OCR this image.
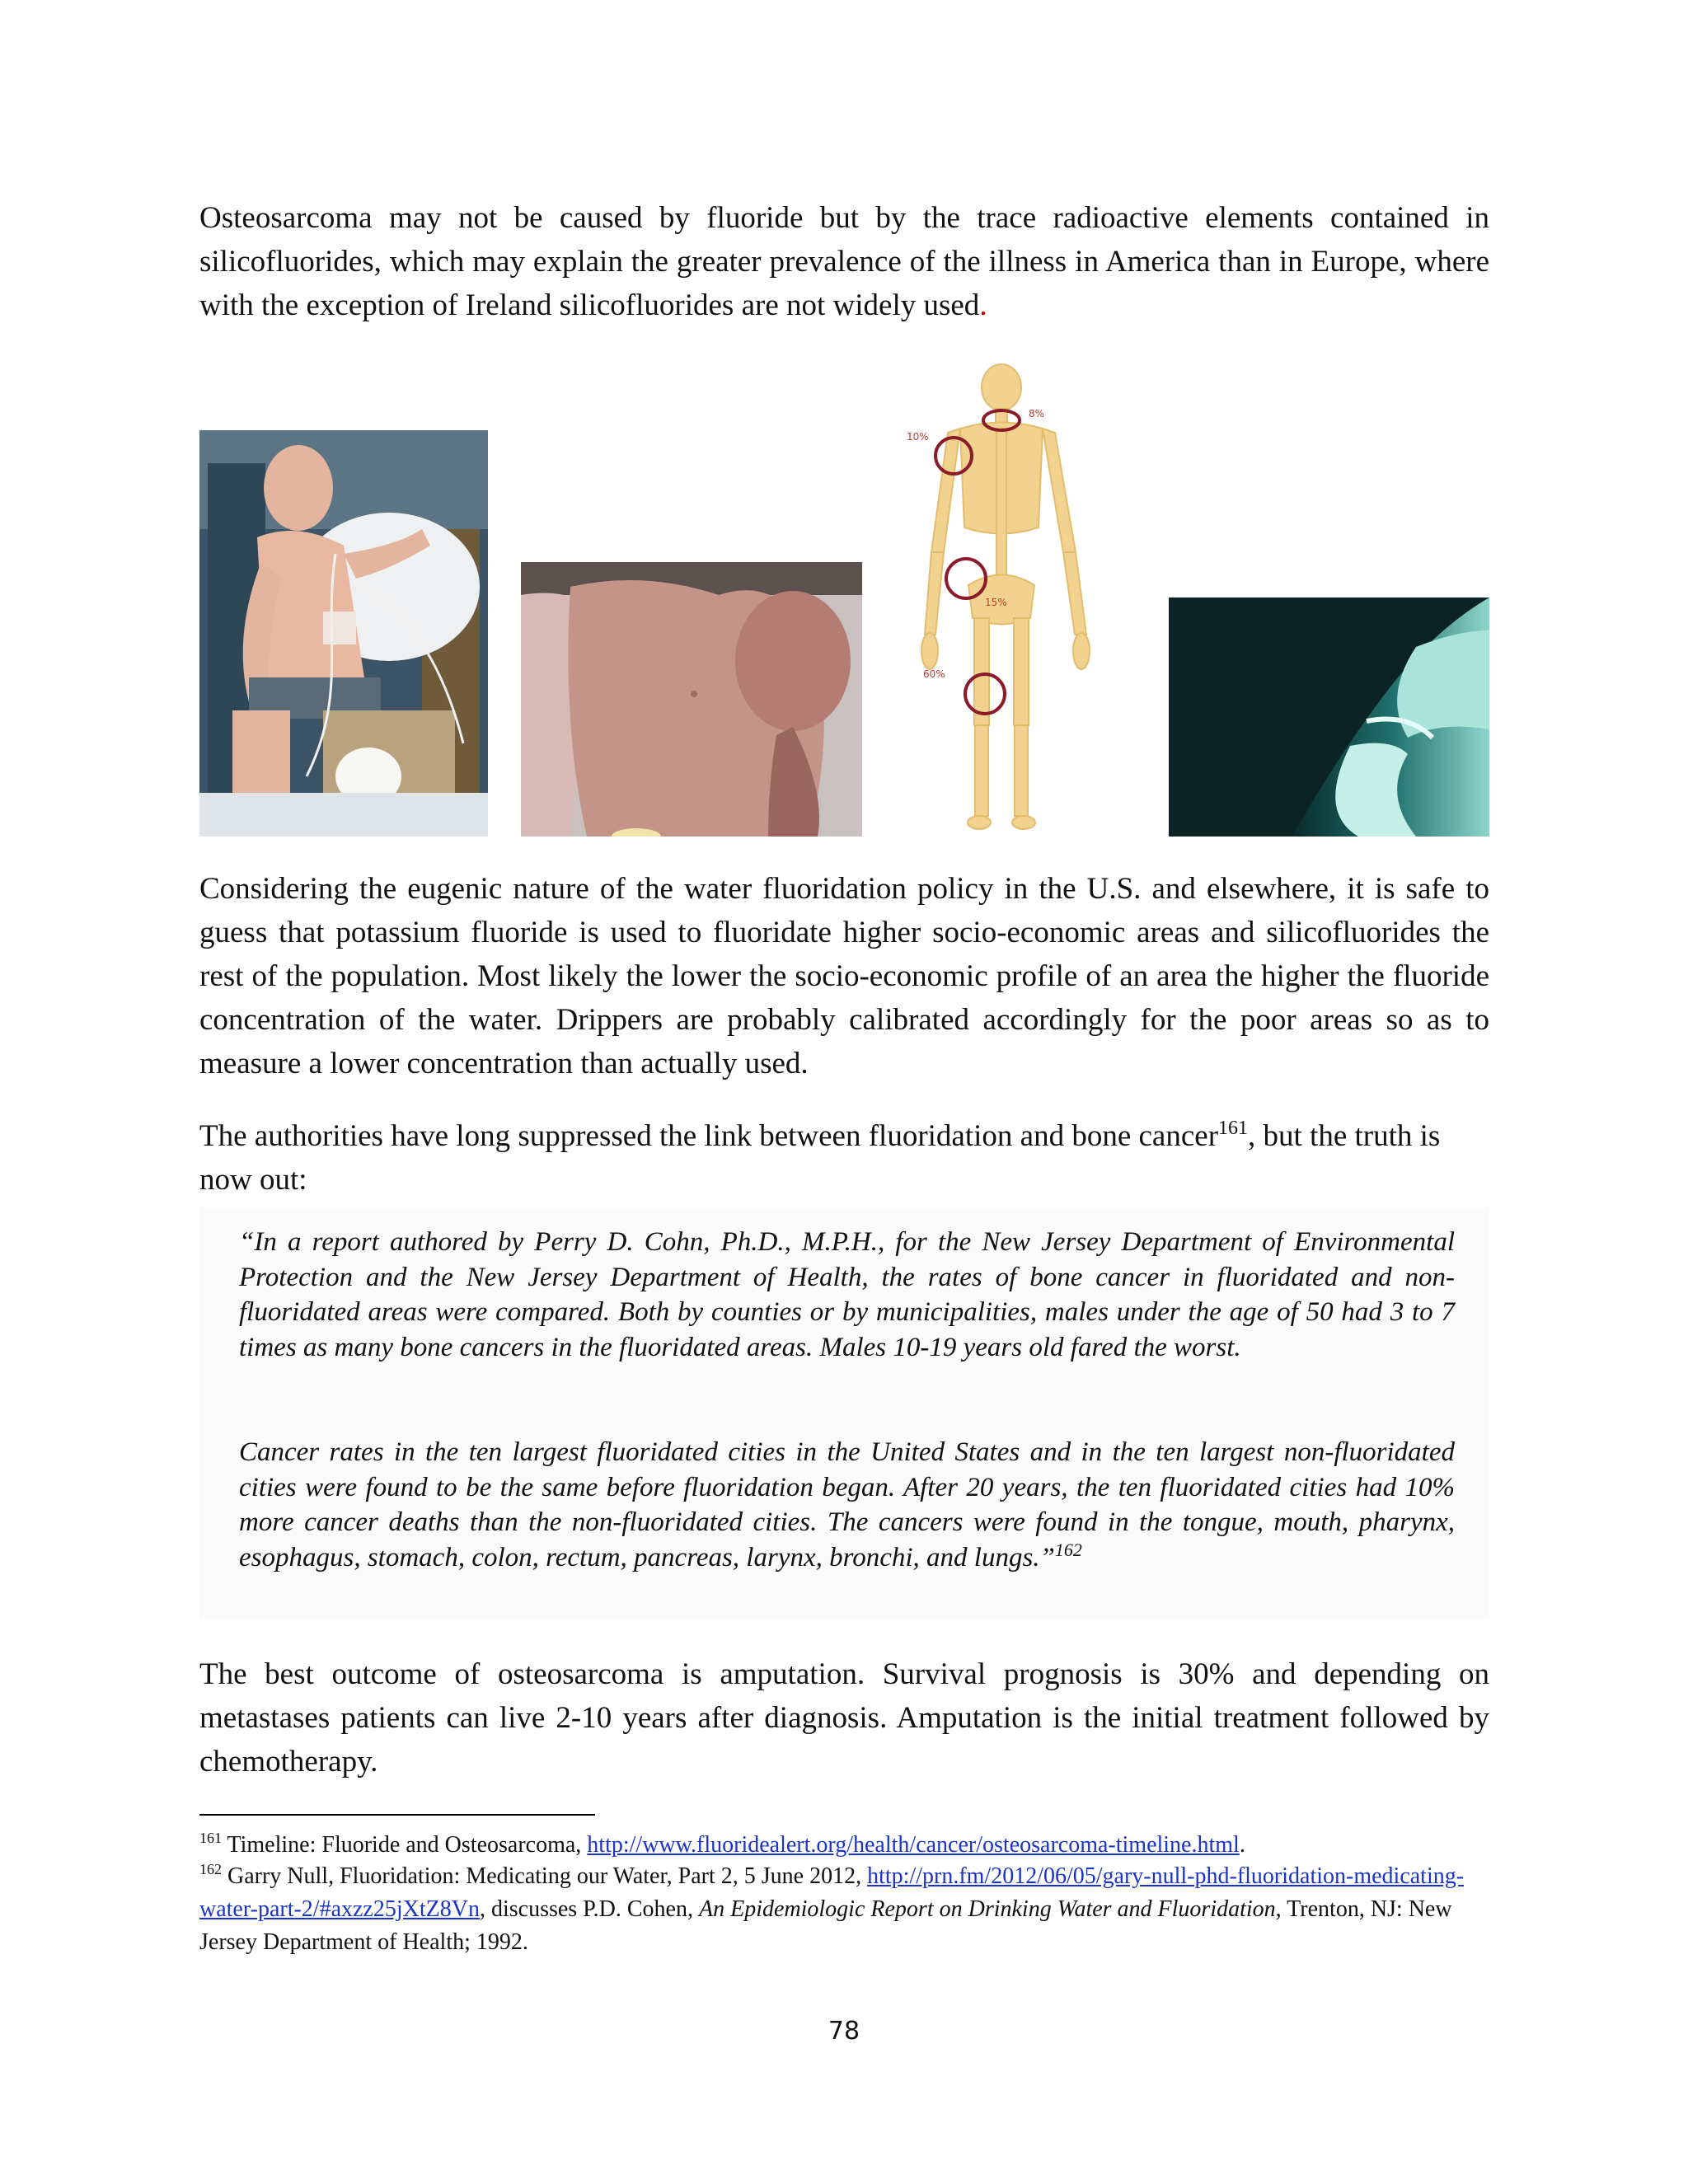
Osteosarcoma may not be caused by fluoride but by the trace radioactive elements contained in silicofluorides, which may explain the greater prevalence of the illness in America than in Europe, where with the exception of Ireland silicofluorides are not widely used.

8%
10%
15%
60%

Considering the eugenic nature of the water fluoridation policy in the U.S. and elsewhere, it is safe to guess that potassium fluoride is used to fluoridate higher socio-economic areas and silicofluorides the rest of the population. Most likely the lower the socio-economic profile of an area the higher the fluoride concentration of the water. Drippers are probably calibrated accordingly for the poor areas so as to measure a lower concentration than actually used.

The authorities have long suppressed the link between fluoridation and bone cancer$^{161}$, but the truth is now out:

“In a report authored by Perry D. Cohn, Ph.D., M.P.H., for the New Jersey Department of Environmental Protection and the New Jersey Department of Health, the rates of bone cancer in fluoridated and non-fluoridated areas were compared. Both by counties or by municipalities, males under the age of 50 had 3 to 7 times as many bone cancers in the fluoridated areas. Males 10-19 years old fared the worst.

Cancer rates in the ten largest fluoridated cities in the United States and in the ten largest non-fluoridated cities were found to be the same before fluoridation began. After 20 years, the ten fluoridated cities had 10% more cancer deaths than the non-fluoridated cities. The cancers were found in the tongue, mouth, pharynx, esophagus, stomach, colon, rectum, pancreas, larynx, bronchi, and lungs.”$^{162}$

The best outcome of osteosarcoma is amputation. Survival prognosis is 30% and depending on metastases patients can live 2-10 years after diagnosis. Amputation is the initial treatment followed by chemotherapy.

$^{161}$ Timeline: Fluoride and Osteosarcoma, http://www.fluoridealert.org/health/cancer/osteosarcoma-timeline.html.

$^{162}$ Garry Null, Fluoridation: Medicating our Water, Part 2, 5 June 2012, http://prn.fm/2012/06/05/gary-null-phd-fluoridation-medicating-water-part-2/#axzz25jXtZ8Vn, discusses P.D. Cohen, An Epidemiologic Report on Drinking Water and Fluoridation, Trenton, NJ: New Jersey Department of Health; 1992.

78
